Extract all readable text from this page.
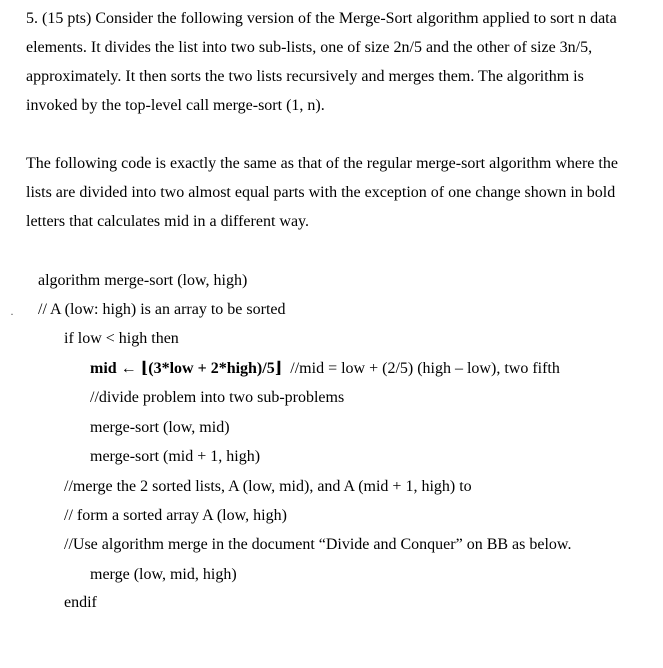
5. (15 pts) Consider the following version of the Merge-Sort algorithm applied to sort n data
elements. It divides the list into two sub-lists, one of size 2n/5 and the other of size 3n/5,
approximately. It then sorts the two lists recursively and merges them. The algorithm is
invoked by the top-level call merge-sort (1, n).
The following code is exactly the same as that of the regular merge-sort algorithm where the
lists are divided into two almost equal parts with the exception of one change shown in bold
letters that calculates mid in a different way.
·
algorithm merge-sort (low, high)
// A (low: high) is an array to be sorted
if low < high then
mid ← ⌊(3*low + 2*high)/5⌋  //mid = low + (2/5) (high – low), two fifth
//divide problem into two sub-problems
merge-sort (low, mid)
merge-sort (mid + 1, high)
//merge the 2 sorted lists, A (low, mid), and A (mid + 1, high) to
// form a sorted array A (low, high)
//Use algorithm merge in the document “Divide and Conquer” on BB as below.
merge (low, mid, high)
endif
